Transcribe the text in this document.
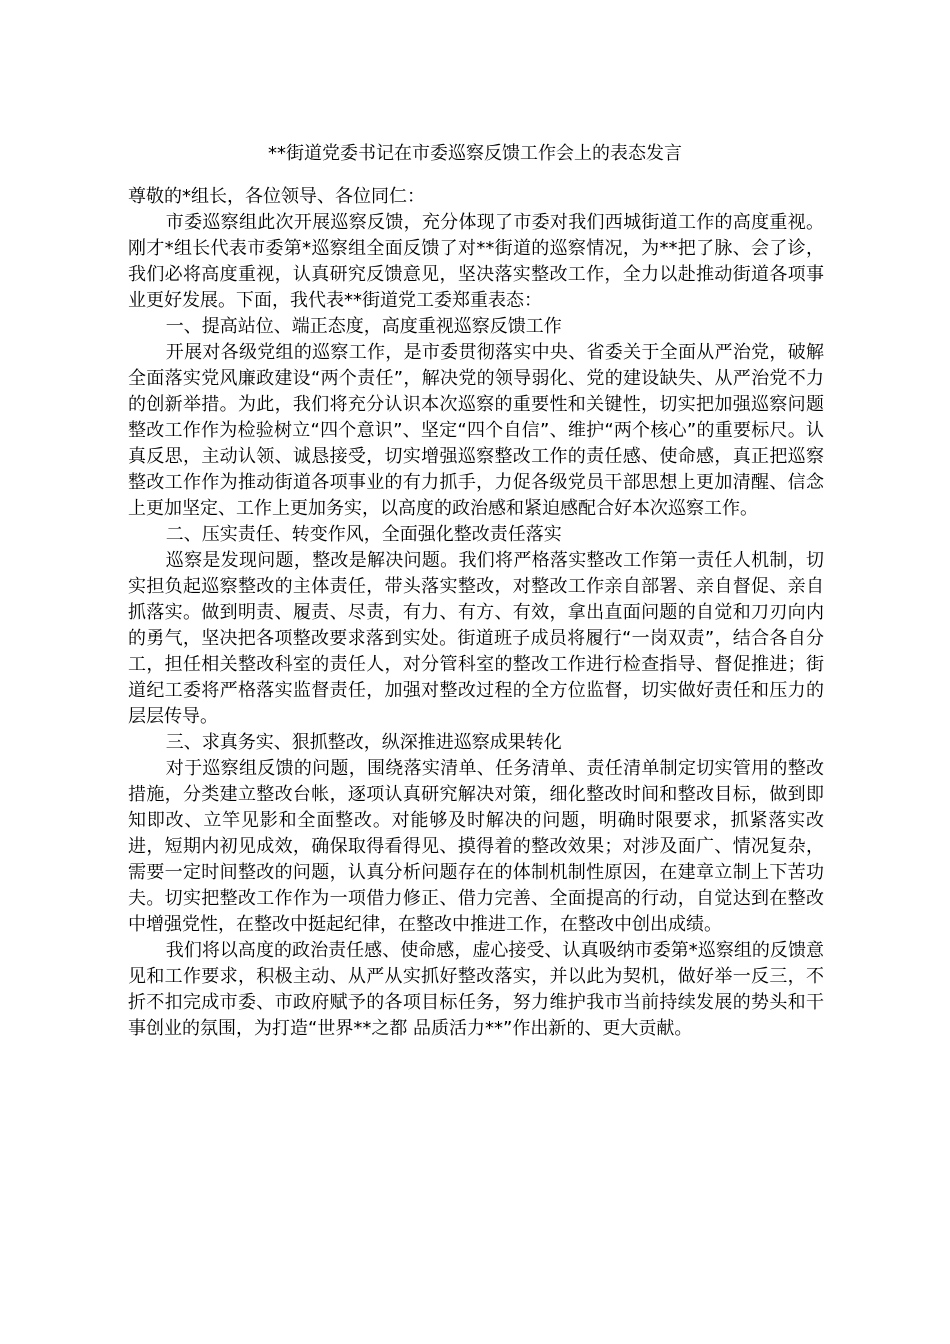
**街道党委书记在市委巡察反馈工作会上的表态发言

尊敬的*组长，各位领导、各位同仁：

市委巡察组此次开展巡察反馈，充分体现了市委对我们西城街道工作的高度重视。刚才*组长代表市委第*巡察组全面反馈了对**街道的巡察情况，为**把了脉、会了诊，我们必将高度重视，认真研究反馈意见，坚决落实整改工作，全力以赴推动街道各项事业更好发展。下面，我代表**街道党工委郑重表态：

一、提高站位、端正态度，高度重视巡察反馈工作

开展对各级党组的巡察工作，是市委贯彻落实中央、省委关于全面从严治党，破解全面落实党风廉政建设“两个责任”，解决党的领导弱化、党的建设缺失、从严治党不力的创新举措。为此，我们将充分认识本次巡察的重要性和关键性，切实把加强巡察问题整改工作作为检验树立“四个意识”、坚定“四个自信”、维护“两个核心”的重要标尺。认真反思，主动认领、诚恳接受，切实增强巡察整改工作的责任感、使命感，真正把巡察整改工作作为推动街道各项事业的有力抓手，力促各级党员干部思想上更加清醒、信念上更加坚定、工作上更加务实，以高度的政治感和紧迫感配合好本次巡察工作。

二、压实责任、转变作风，全面强化整改责任落实

巡察是发现问题，整改是解决问题。我们将严格落实整改工作第一责任人机制，切实担负起巡察整改的主体责任，带头落实整改，对整改工作亲自部署、亲自督促、亲自抓落实。做到明责、履责、尽责，有力、有方、有效，拿出直面问题的自觉和刀刃向内的勇气，坚决把各项整改要求落到实处。街道班子成员将履行“一岗双责”，结合各自分工，担任相关整改科室的责任人，对分管科室的整改工作进行检查指导、督促推进；街道纪工委将严格落实监督责任，加强对整改过程的全方位监督，切实做好责任和压力的层层传导。

三、求真务实、狠抓整改，纵深推进巡察成果转化

对于巡察组反馈的问题，围绕落实清单、任务清单、责任清单制定切实管用的整改措施，分类建立整改台帐，逐项认真研究解决对策，细化整改时间和整改目标，做到即知即改、立竿见影和全面整改。对能够及时解决的问题，明确时限要求，抓紧落实改进，短期内初见成效，确保取得看得见、摸得着的整改效果；对涉及面广、情况复杂，需要一定时间整改的问题，认真分析问题存在的体制机制性原因，在建章立制上下苦功夫。切实把整改工作作为一项借力修正、借力完善、全面提高的行动，自觉达到在整改中增强党性，在整改中挺起纪律，在整改中推进工作，在整改中创出成绩。

我们将以高度的政治责任感、使命感，虚心接受、认真吸纳市委第*巡察组的反馈意见和工作要求，积极主动、从严从实抓好整改落实，并以此为契机，做好举一反三，不折不扣完成市委、市政府赋予的各项目标任务，努力维护我市当前持续发展的势头和干事创业的氛围，为打造“世界**之都 品质活力**”作出新的、更大贡献。
